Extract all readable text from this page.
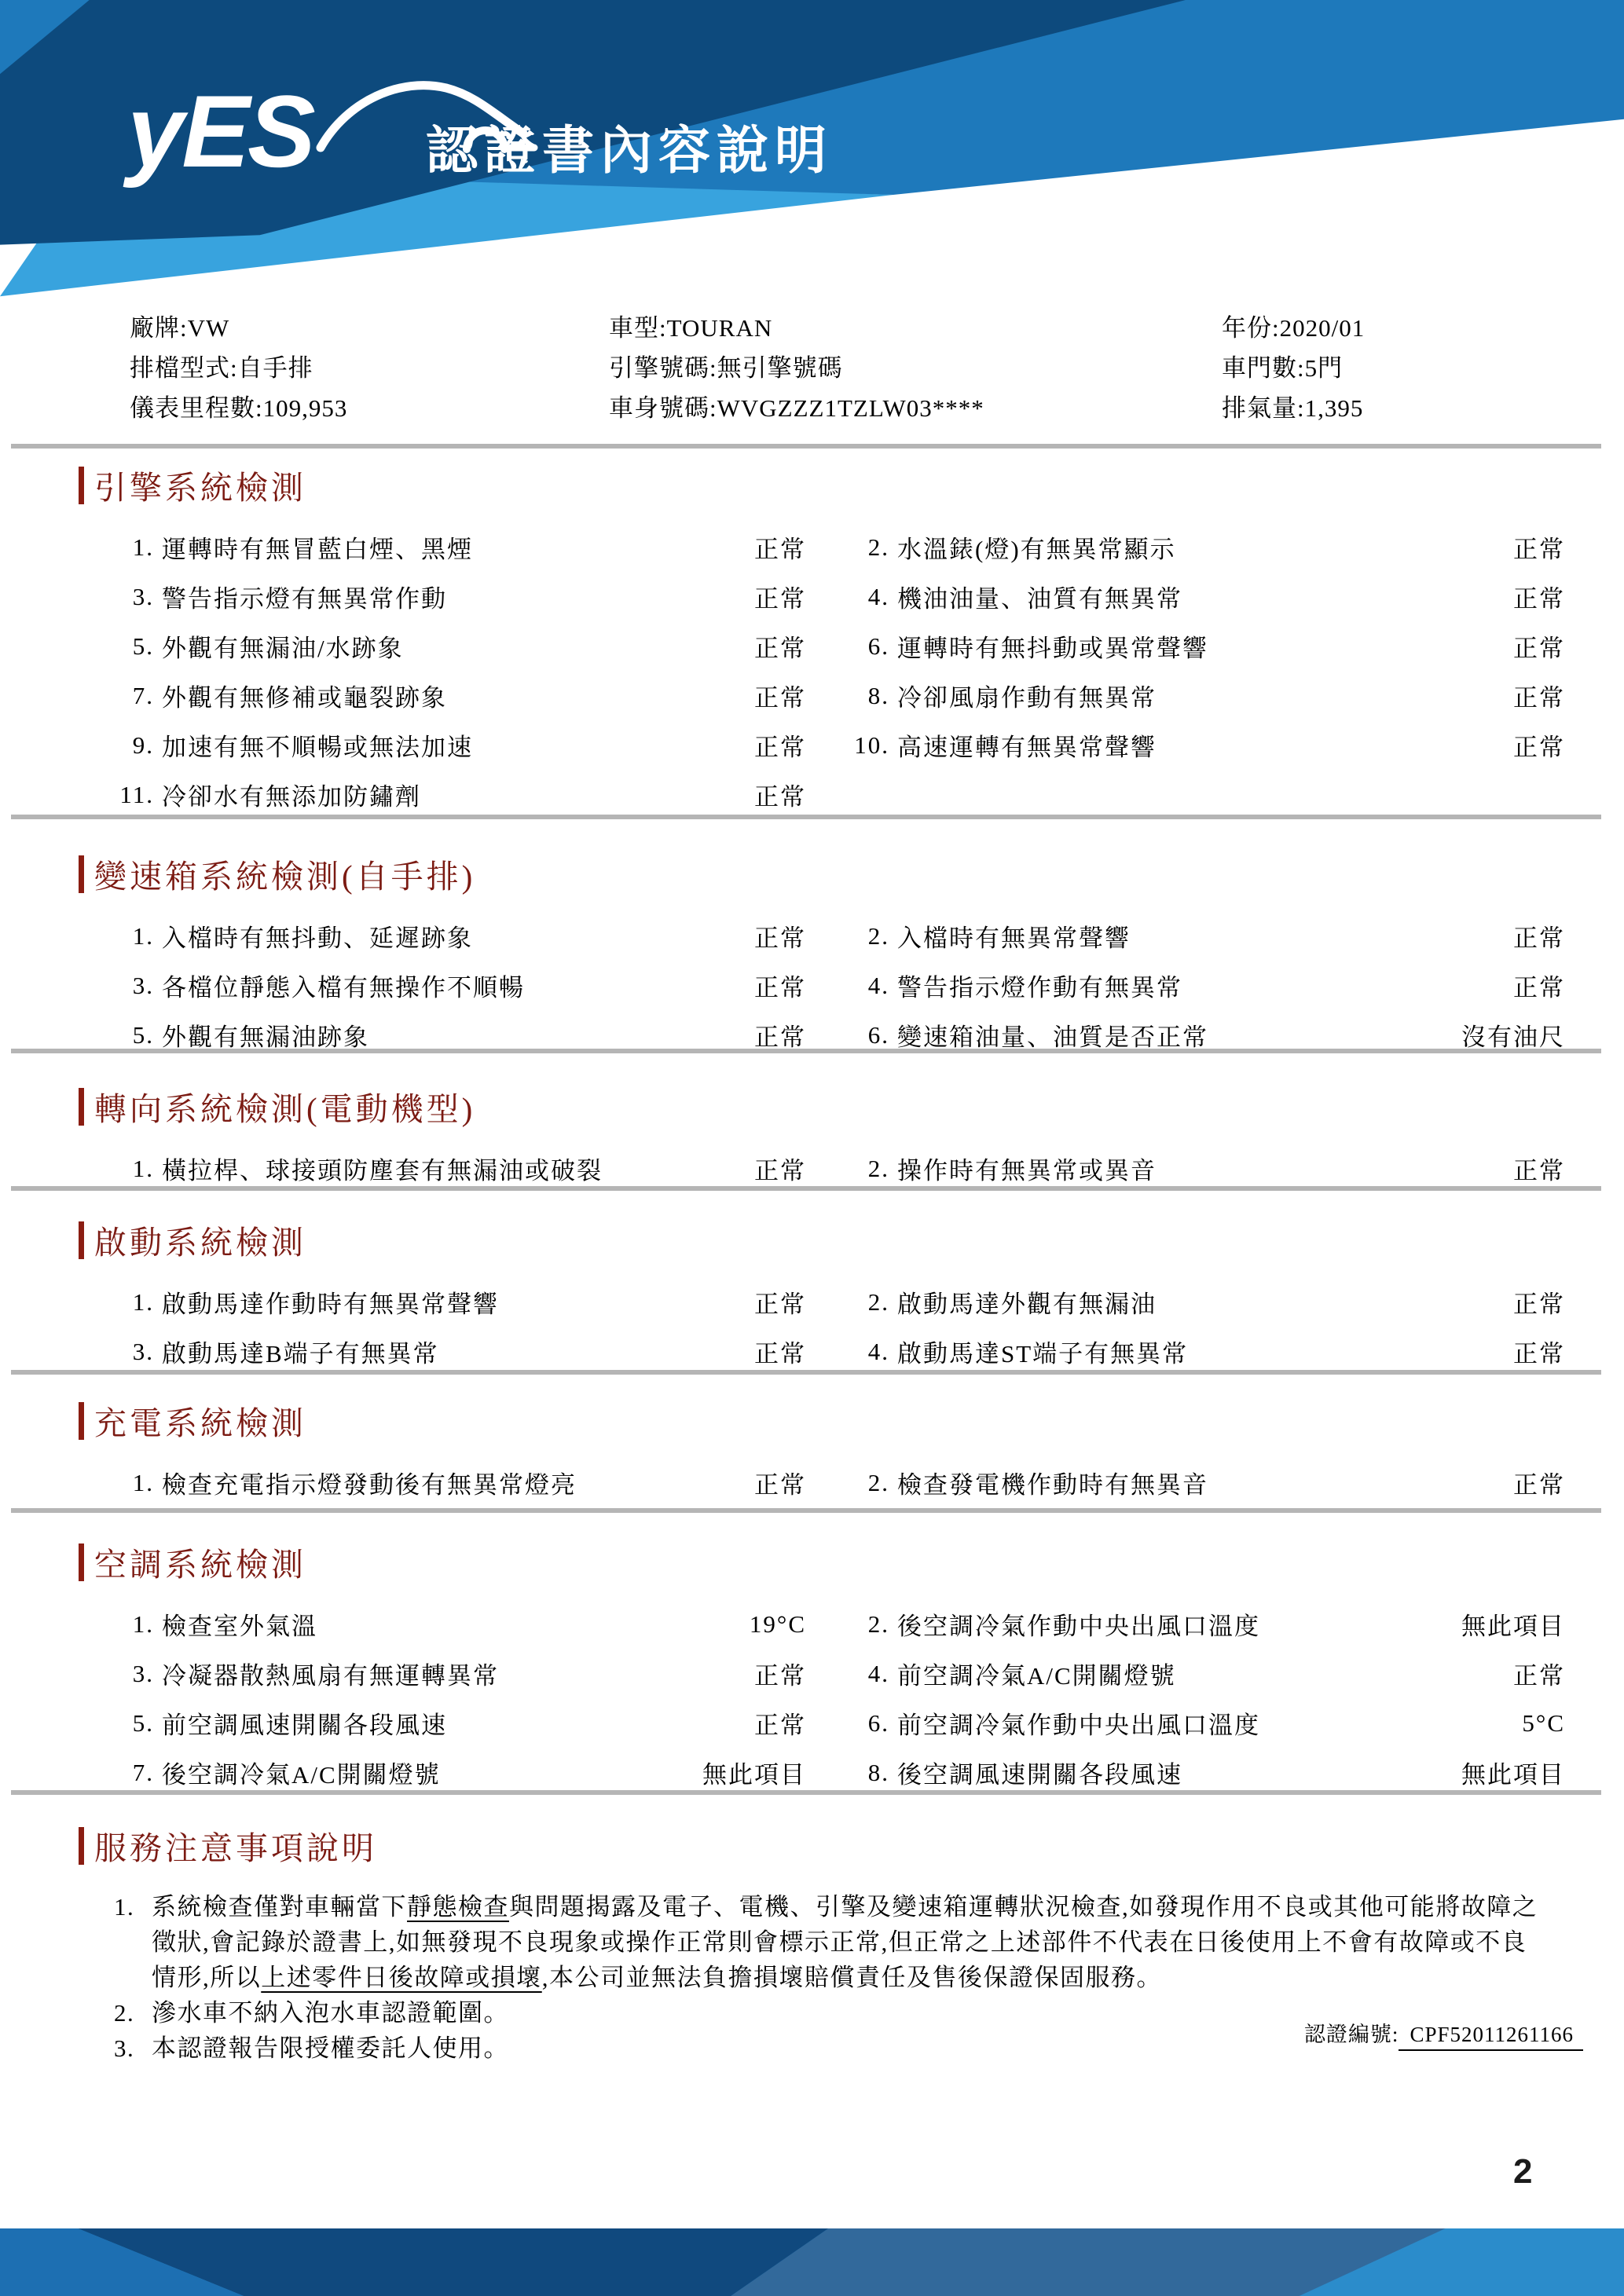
yES 認證書內容說明
廠牌:VW	車型:TOURAN	年份:2020/01
排檔型式:自手排	引擎號碼:無引擎號碼	車門數:5門
儀表里程數:109,953	車身號碼:WVGZZZ1TZLW03****	排氣量:1,395
引擎系統檢測
1. 運轉時有無冒藍白煙、黑煙	正常	2. 水溫錶(燈)有無異常顯示	正常
3. 警告指示燈有無異常作動	正常	4. 機油油量、油質有無異常	正常
5. 外觀有無漏油/水跡象	正常	6. 運轉時有無抖動或異常聲響	正常
7. 外觀有無修補或龜裂跡象	正常	8. 冷卻風扇作動有無異常	正常
9. 加速有無不順暢或無法加速	正常	10. 高速運轉有無異常聲響	正常
11. 冷卻水有無添加防鏽劑	正常
變速箱系統檢測(自手排)
1. 入檔時有無抖動、延遲跡象	正常	2. 入檔時有無異常聲響	正常
3. 各檔位靜態入檔有無操作不順暢	正常	4. 警告指示燈作動有無異常	正常
5. 外觀有無漏油跡象	正常	6. 變速箱油量、油質是否正常	沒有油尺
轉向系統檢測(電動機型)
1. 橫拉桿、球接頭防塵套有無漏油或破裂	正常	2. 操作時有無異常或異音	正常
啟動系統檢測
1. 啟動馬達作動時有無異常聲響	正常	2. 啟動馬達外觀有無漏油	正常
3. 啟動馬達B端子有無異常	正常	4. 啟動馬達ST端子有無異常	正常
充電系統檢測
1. 檢查充電指示燈發動後有無異常燈亮	正常	2. 檢查發電機作動時有無異音	正常
空調系統檢測
1. 檢查室外氣溫	19°C	2. 後空調冷氣作動中央出風口溫度	無此項目
3. 冷凝器散熱風扇有無運轉異常	正常	4. 前空調冷氣A/C開關燈號	正常
5. 前空調風速開關各段風速	正常	6. 前空調冷氣作動中央出風口溫度	5°C
7. 後空調冷氣A/C開關燈號	無此項目	8. 後空調風速開關各段風速	無此項目
服務注意事項說明
1. 系統檢查僅對車輛當下靜態檢查與問題揭露及電子、電機、引擎及變速箱運轉狀況檢查,如發現作用不良或其他可能將故障之徵狀,會記錄於證書上,如無發現不良現象或操作正常則會標示正常,但正常之上述部件不代表在日後使用上不會有故障或不良情形,所以上述零件日後故障或損壞,本公司並無法負擔損壞賠償責任及售後保證保固服務。
2. 滲水車不納入泡水車認證範圍。
3. 本認證報告限授權委託人使用。	認證編號: CPF52011261166
2
